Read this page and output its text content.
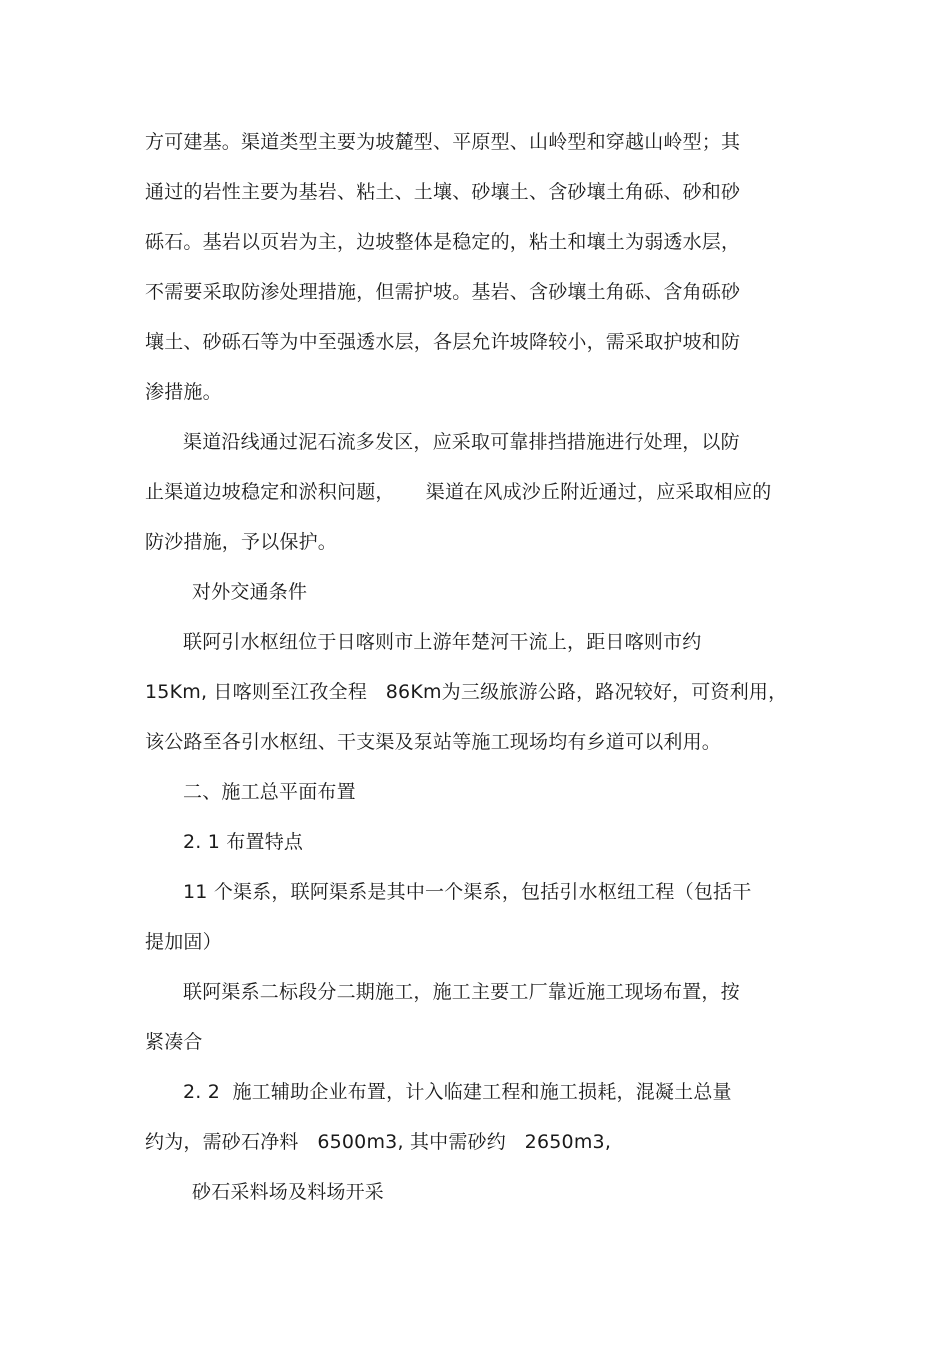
方可建基。渠道类型主要为坡麓型、平原型、山岭型和穿越山岭型；其
通过的岩性主要为基岩、粘土、土壤、砂壤土、含砂壤土角砾、砂和砂
砾石。基岩以页岩为主，边坡整体是稳定的，粘土和壤土为弱透水层，
不需要采取防渗处理措施，但需护坡。基岩、含砂壤土角砾、含角砾砂
壤土、砂砾石等为中至强透水层，各层允许坡降较小，需采取护坡和防
渗措施。
渠道沿线通过泥石流多发区，应采取可靠排挡措施进行处理，以防
止渠道边坡稳定和淤积问题，     渠道在风成沙丘附近通过，应采取相应的
防沙措施，予以保护。
对外交通条件
联阿引水枢纽位于日喀则市上游年楚河干流上，距日喀则市约
15Km, 日喀则至江孜全程   86Km为三级旅游公路，路况较好，可资利用，
该公路至各引水枢纽、干支渠及泵站等施工现场均有乡道可以利用。
二、施工总平面布置
2. 1 布置特点
11 个渠系，联阿渠系是其中一个渠系，包括引水枢纽工程（包括干
提加固）
联阿渠系二标段分二期施工，施工主要工厂靠近施工现场布置，按
紧凑合
2. 2  施工辅助企业布置，计入临建工程和施工损耗，混凝土总量
约为，需砂石净料   6500m3, 其中需砂约   2650m3,
砂石采料场及料场开采
